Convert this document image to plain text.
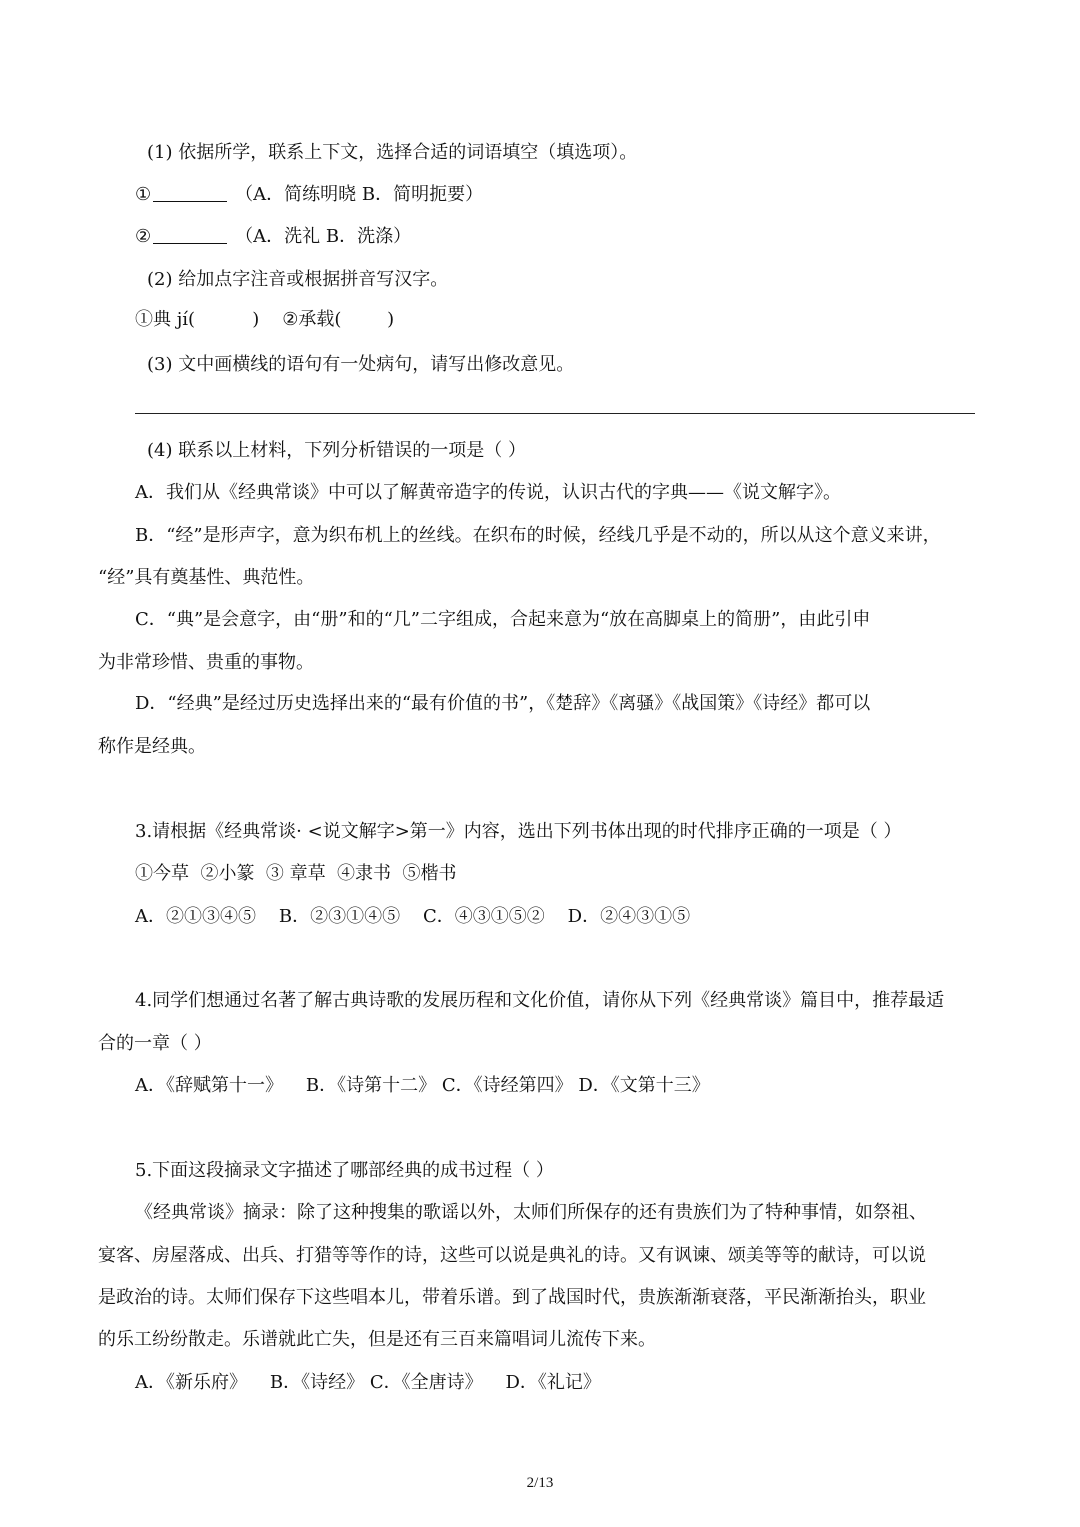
(1) 依据所学，联系上下文，选择合适的词语填空（填选项）。
①	（A．简练明晓 B．简明扼要）
②	（A．洗礼 B．洗涤）
(2) 给加点字注音或根据拼音写汉字。
①典 jí(          )    ②承载(        )
(3) 文中画横线的语句有一处病句，请写出修改意见。
(4) 联系以上材料，下列分析错误的一项是（ ）
A．我们从《经典常谈》中可以了解黄帝造字的传说，认识古代的字典——《说文解字》。
B．“经”是形声字，意为织布机上的丝线。在织布的时候，经线几乎是不动的，所以从这个意义来讲，
“经”具有奠基性、典范性。
C．“典”是会意字，由“册”和的“几”二字组成，合起来意为“放在高脚桌上的简册”，由此引申
为非常珍惜、贵重的事物。
D．“经典”是经过历史选择出来的“最有价值的书”，《楚辞》《离骚》《战国策》《诗经》都可以
称作是经典。
3.请根据《经典常谈· <说文解字>第一》内容，选出下列书体出现的时代排序正确的一项是（ ）
①今草  ②小篆  ③ 章草  ④隶书  ⑤楷书
A．②①③④⑤    B．②③①④⑤    C．④③①⑤②    D．②④③①⑤
4.同学们想通过名著了解古典诗歌的发展历程和文化价值，请你从下列《经典常谈》篇目中，推荐最适
合的一章（ ）
A．《辞赋第十一》    B．《诗第十二》 C．《诗经第四》 D．《文第十三》
5.下面这段摘录文字描述了哪部经典的成书过程（ ）
《经典常谈》摘录：除了这种搜集的歌谣以外，太师们所保存的还有贵族们为了特种事情，如祭祖、
宴客、房屋落成、出兵、打猎等等作的诗，这些可以说是典礼的诗。又有讽谏、颂美等等的献诗，可以说
是政治的诗。太师们保存下这些唱本儿，带着乐谱。到了战国时代，贵族渐渐衰落，平民渐渐抬头，职业
的乐工纷纷散走。乐谱就此亡失，但是还有三百来篇唱词儿流传下来。
A．《新乐府》    B．《诗经》 C．《全唐诗》    D．《礼记》
2/13
